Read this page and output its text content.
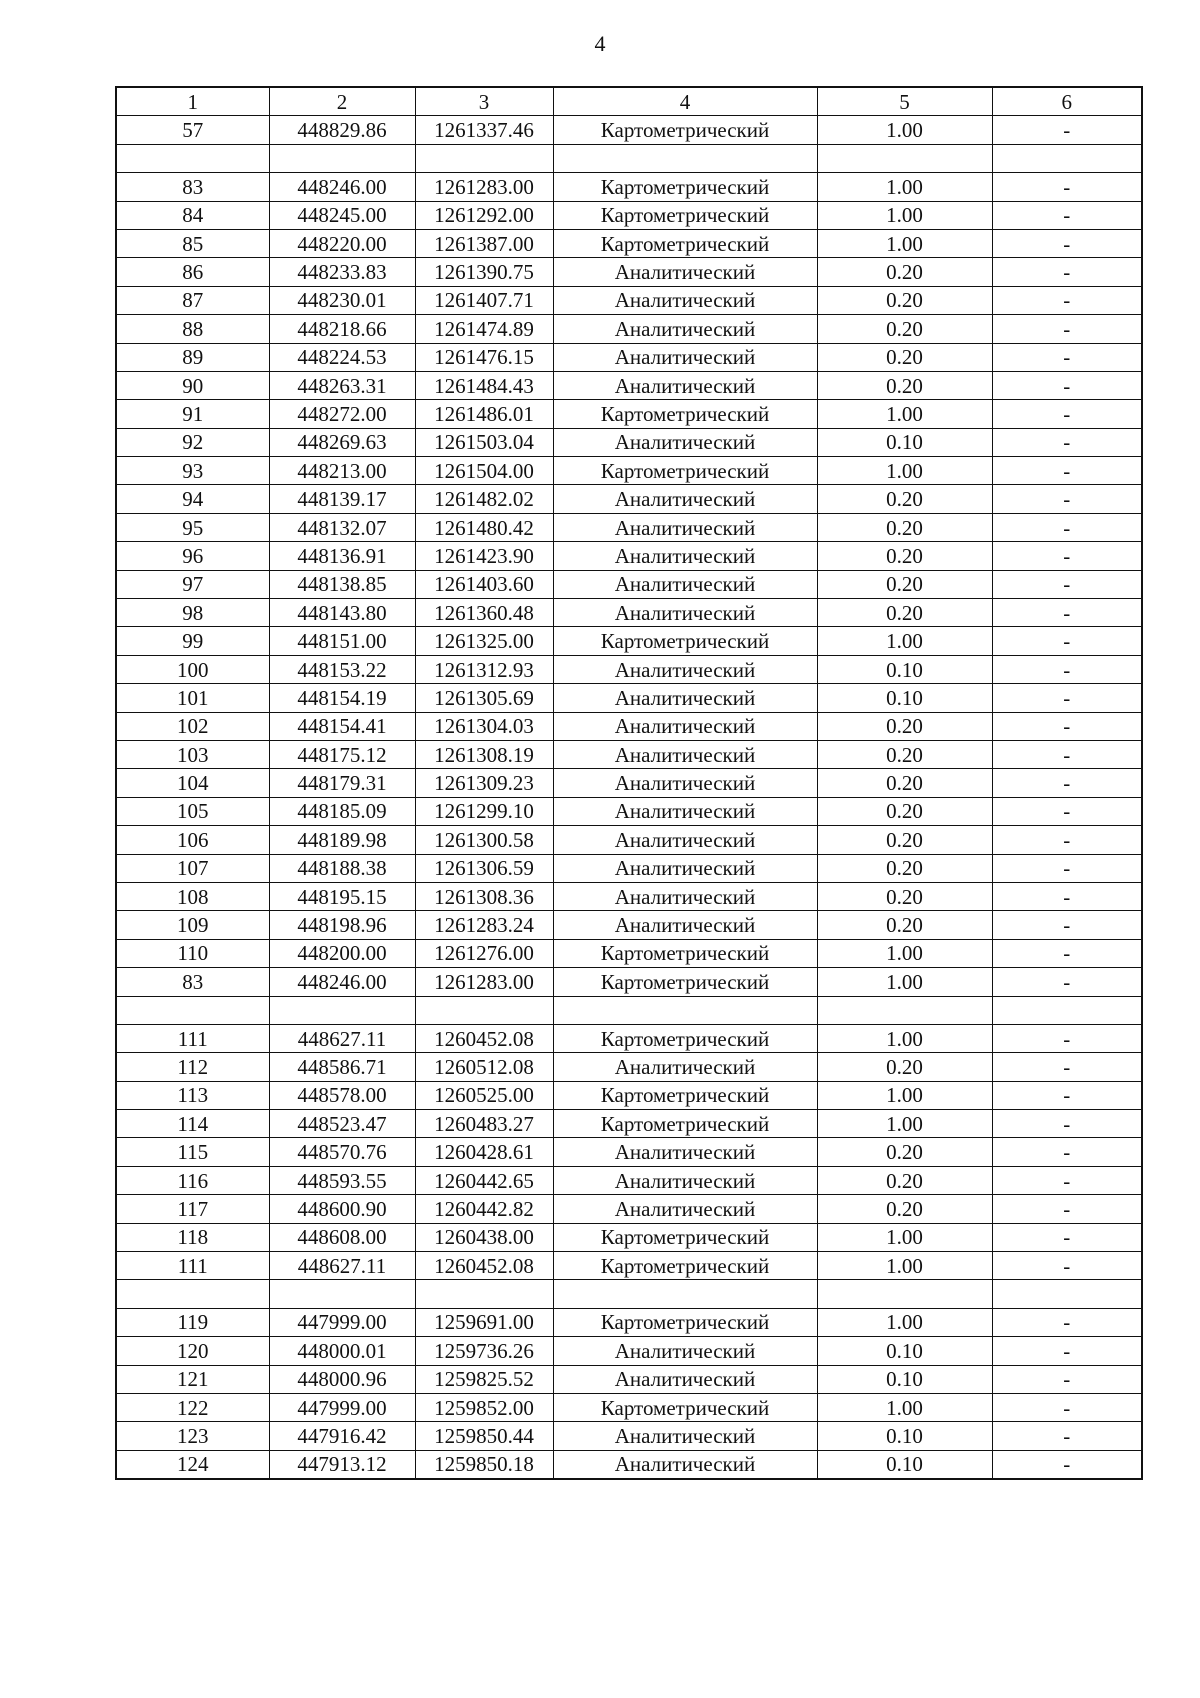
4
1	2	3	4	5	6
57	448829.86	1261337.46	Картометрический	1.00	-

83	448246.00	1261283.00	Картометрический	1.00	-
84	448245.00	1261292.00	Картометрический	1.00	-
85	448220.00	1261387.00	Картометрический	1.00	-
86	448233.83	1261390.75	Аналитический	0.20	-
87	448230.01	1261407.71	Аналитический	0.20	-
88	448218.66	1261474.89	Аналитический	0.20	-
89	448224.53	1261476.15	Аналитический	0.20	-
90	448263.31	1261484.43	Аналитический	0.20	-
91	448272.00	1261486.01	Картометрический	1.00	-
92	448269.63	1261503.04	Аналитический	0.10	-
93	448213.00	1261504.00	Картометрический	1.00	-
94	448139.17	1261482.02	Аналитический	0.20	-
95	448132.07	1261480.42	Аналитический	0.20	-
96	448136.91	1261423.90	Аналитический	0.20	-
97	448138.85	1261403.60	Аналитический	0.20	-
98	448143.80	1261360.48	Аналитический	0.20	-
99	448151.00	1261325.00	Картометрический	1.00	-
100	448153.22	1261312.93	Аналитический	0.10	-
101	448154.19	1261305.69	Аналитический	0.10	-
102	448154.41	1261304.03	Аналитический	0.20	-
103	448175.12	1261308.19	Аналитический	0.20	-
104	448179.31	1261309.23	Аналитический	0.20	-
105	448185.09	1261299.10	Аналитический	0.20	-
106	448189.98	1261300.58	Аналитический	0.20	-
107	448188.38	1261306.59	Аналитический	0.20	-
108	448195.15	1261308.36	Аналитический	0.20	-
109	448198.96	1261283.24	Аналитический	0.20	-
110	448200.00	1261276.00	Картометрический	1.00	-
83	448246.00	1261283.00	Картометрический	1.00	-

111	448627.11	1260452.08	Картометрический	1.00	-
112	448586.71	1260512.08	Аналитический	0.20	-
113	448578.00	1260525.00	Картометрический	1.00	-
114	448523.47	1260483.27	Картометрический	1.00	-
115	448570.76	1260428.61	Аналитический	0.20	-
116	448593.55	1260442.65	Аналитический	0.20	-
117	448600.90	1260442.82	Аналитический	0.20	-
118	448608.00	1260438.00	Картометрический	1.00	-
111	448627.11	1260452.08	Картометрический	1.00	-

119	447999.00	1259691.00	Картометрический	1.00	-
120	448000.01	1259736.26	Аналитический	0.10	-
121	448000.96	1259825.52	Аналитический	0.10	-
122	447999.00	1259852.00	Картометрический	1.00	-
123	447916.42	1259850.44	Аналитический	0.10	-
124	447913.12	1259850.18	Аналитический	0.10	-
